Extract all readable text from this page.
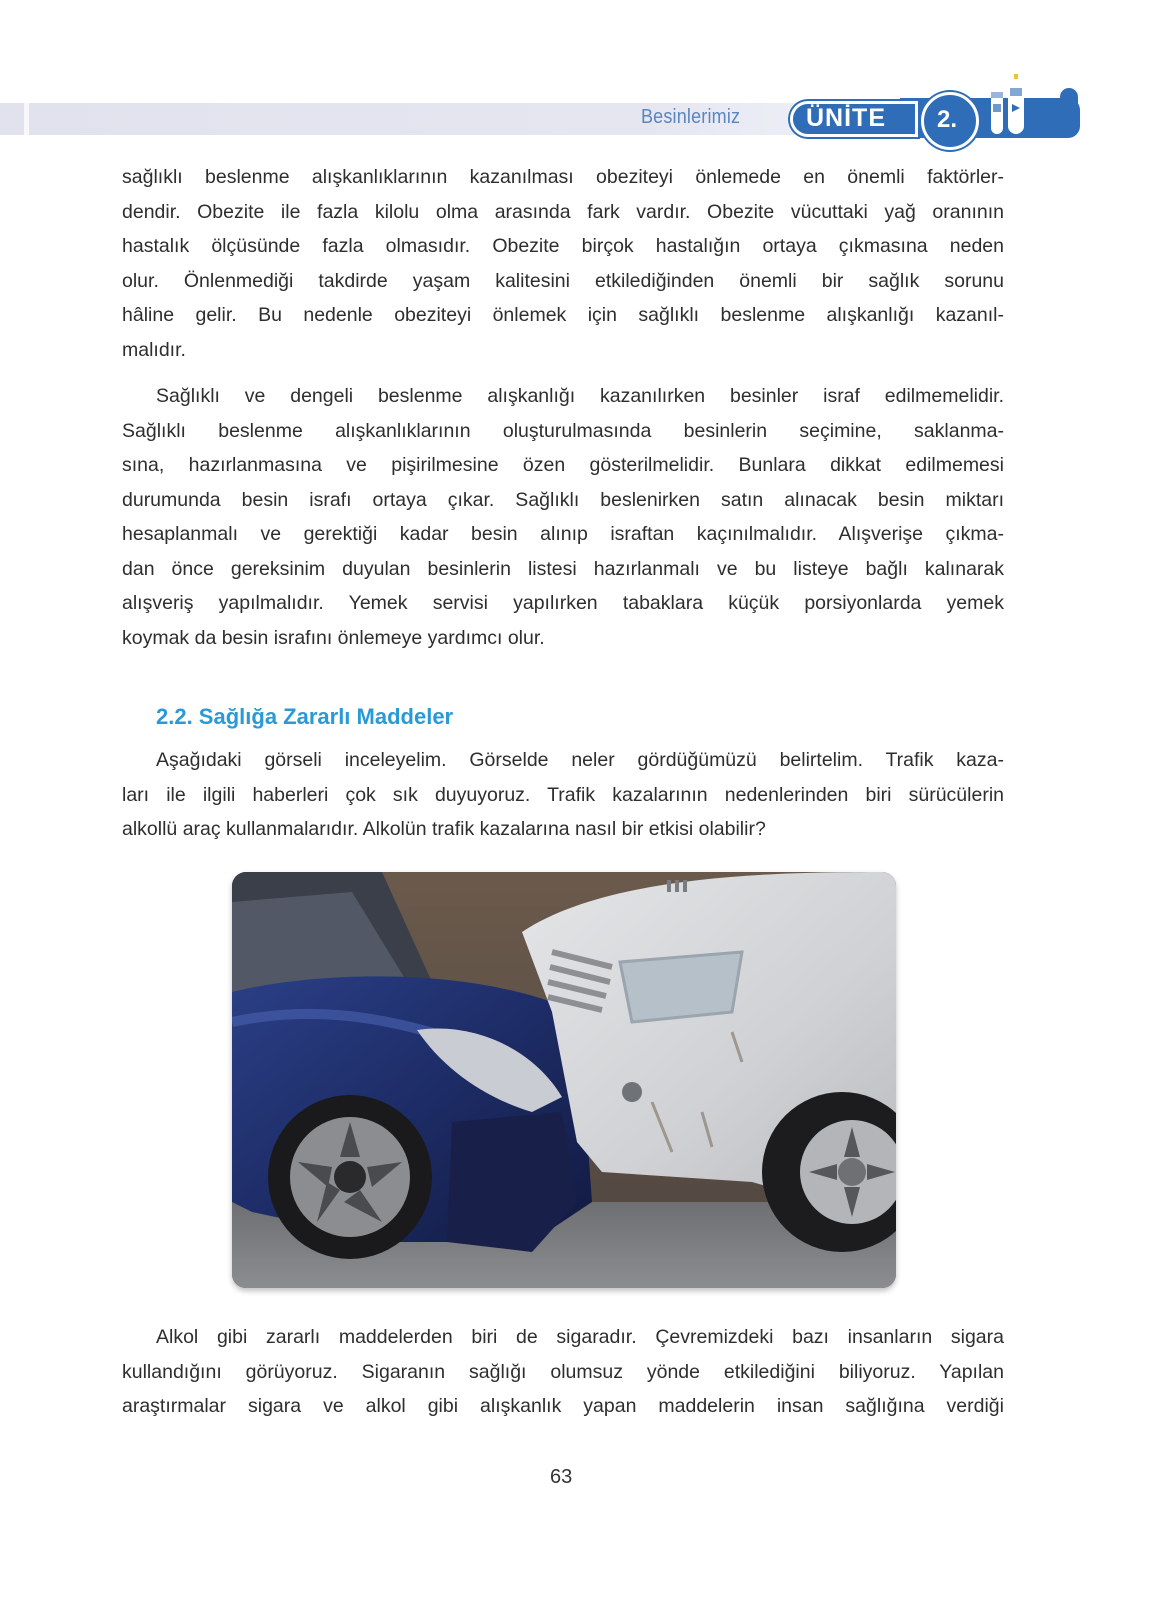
Besinlerimiz	ÜNİTE 2.
sağlıklı beslenme alışkanlıklarının kazanılması obeziteyi önlemede en önemli faktörler-
dendir. Obezite ile fazla kilolu olma arasında fark vardır. Obezite vücuttaki yağ oranının
hastalık ölçüsünde fazla olmasıdır. Obezite birçok hastalığın ortaya çıkmasına neden
olur. Önlenmediği takdirde yaşam kalitesini etkilediğinden önemli bir sağlık sorunu
hâline gelir. Bu nedenle obeziteyi önlemek için sağlıklı beslenme alışkanlığı kazanıl-
malıdır.
Sağlıklı ve dengeli beslenme alışkanlığı kazanılırken besinler israf edilmemelidir.
Sağlıklı beslenme alışkanlıklarının oluşturulmasında besinlerin seçimine, saklanma-
sına, hazırlanmasına ve pişirilmesine özen gösterilmelidir. Bunlara dikkat edilmemesi
durumunda besin israfı ortaya çıkar. Sağlıklı beslenirken satın alınacak besin miktarı
hesaplanmalı ve gerektiği kadar besin alınıp israftan kaçınılmalıdır. Alışverişe çıkma-
dan önce gereksinim duyulan besinlerin listesi hazırlanmalı ve bu listeye bağlı kalınarak
alışveriş yapılmalıdır. Yemek servisi yapılırken tabaklara küçük porsiyonlarda yemek
koymak da besin israfını önlemeye yardımcı olur.
2.2. Sağlığa Zararlı Maddeler
Aşağıdaki görseli inceleyelim. Görselde neler gördüğümüzü belirtelim. Trafik kaza-
ları ile ilgili haberleri çok sık duyuyoruz. Trafik kazalarının nedenlerinden biri sürücülerin
alkollü araç kullanmalarıdır. Alkolün trafik kazalarına nasıl bir etkisi olabilir?
Alkol gibi zararlı maddelerden biri de sigaradır. Çevremizdeki bazı insanların sigara
kullandığını görüyoruz. Sigaranın sağlığı olumsuz yönde etkilediğini biliyoruz. Yapılan
araştırmalar sigara ve alkol gibi alışkanlık yapan maddelerin insan sağlığına verdiği
63
